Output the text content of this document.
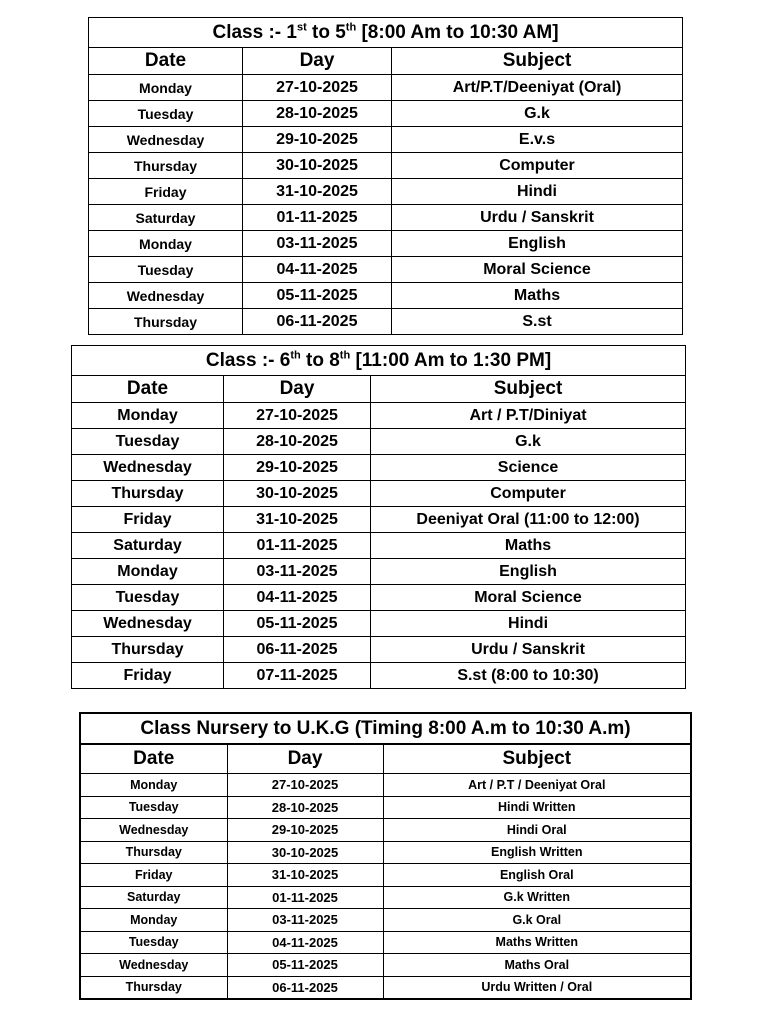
Class :- 1st to 5th [8:00 Am to 10:30 AM]		
Date	Day	Subject
Monday	27-10-2025	Art/P.T/Deeniyat (Oral)
Tuesday	28-10-2025	G.k
Wednesday	29-10-2025	E.v.s
Thursday	30-10-2025	Computer
Friday	31-10-2025	Hindi
Saturday	01-11-2025	Urdu / Sanskrit
Monday	03-11-2025	English
Tuesday	04-11-2025	Moral Science
Wednesday	05-11-2025	Maths
Thursday	06-11-2025	S.st
Class :- 6th to 8th [11:00 Am to 1:30 PM]		
Date	Day	Subject
Monday	27-10-2025	Art / P.T/Diniyat
Tuesday	28-10-2025	G.k
Wednesday	29-10-2025	Science
Thursday	30-10-2025	Computer
Friday	31-10-2025	Deeniyat Oral (11:00 to 12:00)
Saturday	01-11-2025	Maths
Monday	03-11-2025	English
Tuesday	04-11-2025	Moral Science
Wednesday	05-11-2025	Hindi
Thursday	06-11-2025	Urdu / Sanskrit
Friday	07-11-2025	S.st (8:00 to 10:30)
Class Nursery to U.K.G (Timing 8:00 A.m to 10:30 A.m)		
Date	Day	Subject
Monday	27-10-2025	Art / P.T / Deeniyat Oral
Tuesday	28-10-2025	Hindi Written
Wednesday	29-10-2025	Hindi Oral
Thursday	30-10-2025	English Written
Friday	31-10-2025	English Oral
Saturday	01-11-2025	G.k Written
Monday	03-11-2025	G.k Oral
Tuesday	04-11-2025	Maths Written
Wednesday	05-11-2025	Maths Oral
Thursday	06-11-2025	Urdu Written / Oral
